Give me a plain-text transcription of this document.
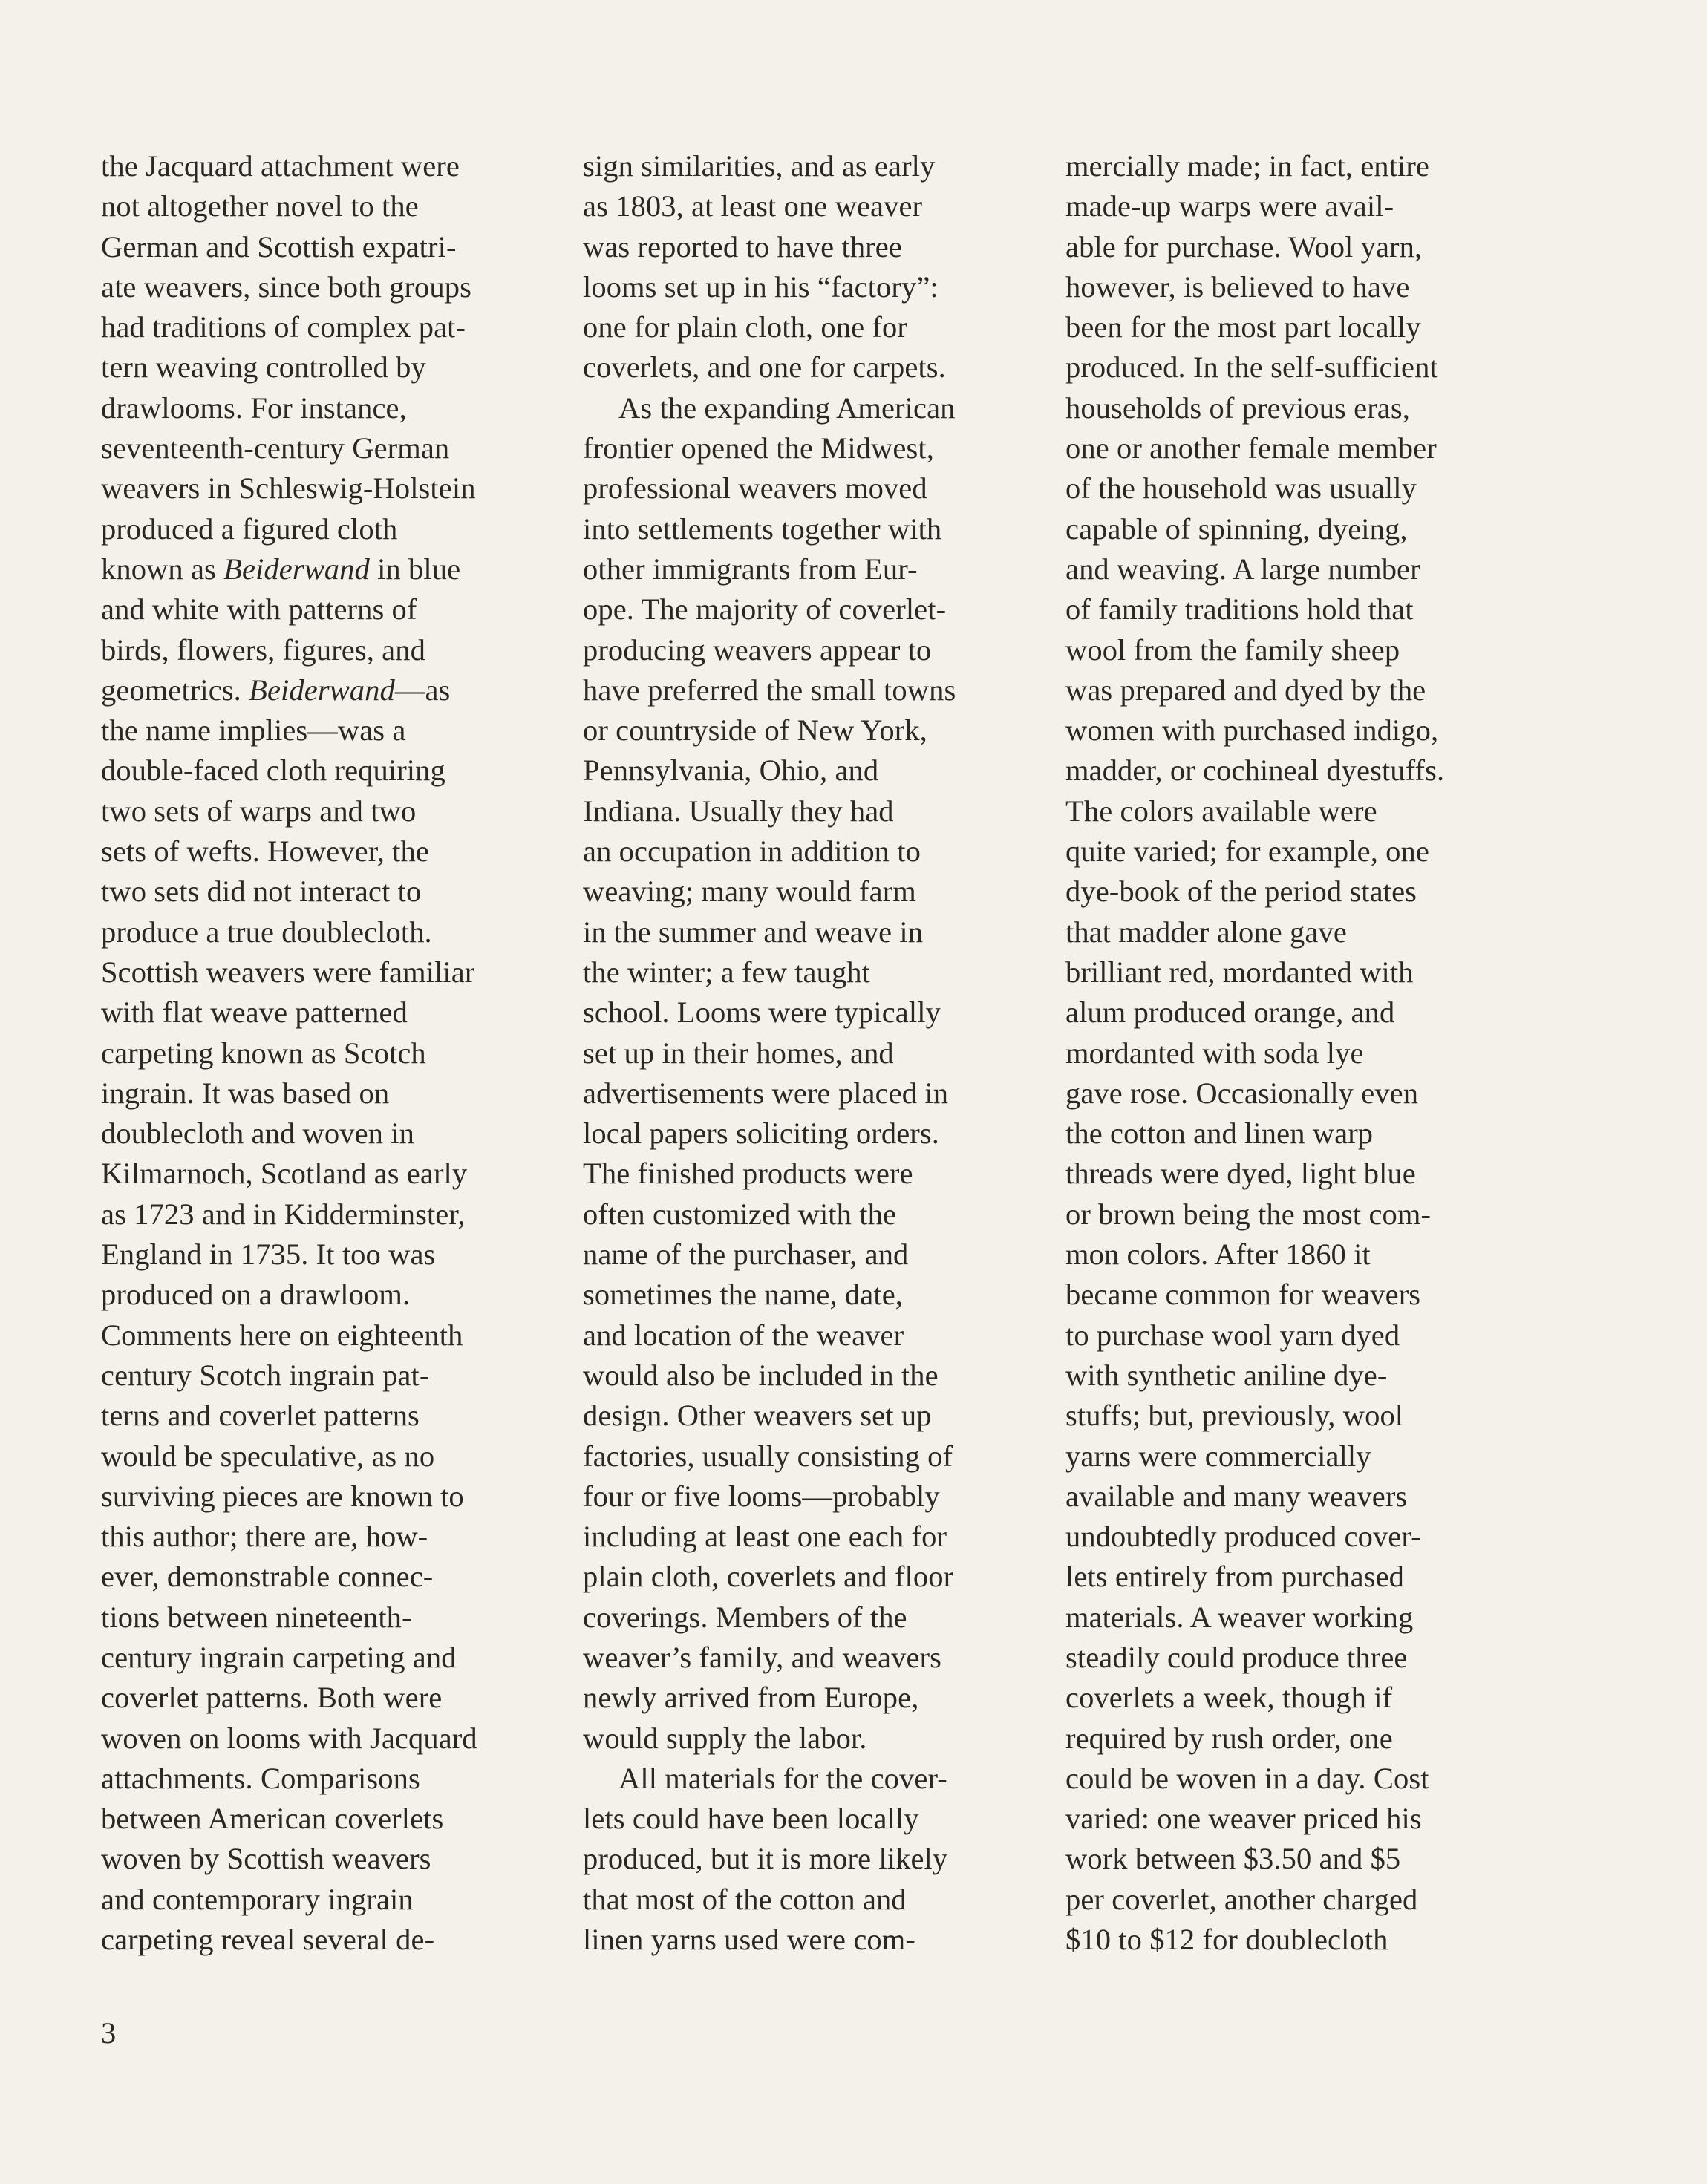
the Jacquard attachment were
not altogether novel to the
German and Scottish expatri-
ate weavers, since both groups
had traditions of complex pat-
tern weaving controlled by
drawlooms. For instance,
seventeenth-century German
weavers in Schleswig-Holstein
produced a figured cloth
known as Beiderwand in blue
and white with patterns of
birds, flowers, figures, and
geometrics. Beiderwand—as
the name implies—was a
double-faced cloth requiring
two sets of warps and two
sets of wefts. However, the
two sets did not interact to
produce a true doublecloth.
Scottish weavers were familiar
with flat weave patterned
carpeting known as Scotch
ingrain. It was based on
doublecloth and woven in
Kilmarnoch, Scotland as early
as 1723 and in Kidderminster,
England in 1735. It too was
produced on a drawloom.
Comments here on eighteenth
century Scotch ingrain pat-
terns and coverlet patterns
would be speculative, as no
surviving pieces are known to
this author; there are, how-
ever, demonstrable connec-
tions between nineteenth-
century ingrain carpeting and
coverlet patterns. Both were
woven on looms with Jacquard
attachments. Comparisons
between American coverlets
woven by Scottish weavers
and contemporary ingrain
carpeting reveal several de-
sign similarities, and as early
as 1803, at least one weaver
was reported to have three
looms set up in his “factory”:
one for plain cloth, one for
coverlets, and one for carpets.
As the expanding American
frontier opened the Midwest,
professional weavers moved
into settlements together with
other immigrants from Eur-
ope. The majority of coverlet-
producing weavers appear to
have preferred the small towns
or countryside of New York,
Pennsylvania, Ohio, and
Indiana. Usually they had
an occupation in addition to
weaving; many would farm
in the summer and weave in
the winter; a few taught
school. Looms were typically
set up in their homes, and
advertisements were placed in
local papers soliciting orders.
The finished products were
often customized with the
name of the purchaser, and
sometimes the name, date,
and location of the weaver
would also be included in the
design. Other weavers set up
factories, usually consisting of
four or five looms—probably
including at least one each for
plain cloth, coverlets and floor
coverings. Members of the
weaver’s family, and weavers
newly arrived from Europe,
would supply the labor.
All materials for the cover-
lets could have been locally
produced, but it is more likely
that most of the cotton and
linen yarns used were com-
mercially made; in fact, entire
made-up warps were avail-
able for purchase. Wool yarn,
however, is believed to have
been for the most part locally
produced. In the self-sufficient
households of previous eras,
one or another female member
of the household was usually
capable of spinning, dyeing,
and weaving. A large number
of family traditions hold that
wool from the family sheep
was prepared and dyed by the
women with purchased indigo,
madder, or cochineal dyestuffs.
The colors available were
quite varied; for example, one
dye-book of the period states
that madder alone gave
brilliant red, mordanted with
alum produced orange, and
mordanted with soda lye
gave rose. Occasionally even
the cotton and linen warp
threads were dyed, light blue
or brown being the most com-
mon colors. After 1860 it
became common for weavers
to purchase wool yarn dyed
with synthetic aniline dye-
stuffs; but, previously, wool
yarns were commercially
available and many weavers
undoubtedly produced cover-
lets entirely from purchased
materials. A weaver working
steadily could produce three
coverlets a week, though if
required by rush order, one
could be woven in a day. Cost
varied: one weaver priced his
work between $3.50 and $5
per coverlet, another charged
$10 to $12 for doublecloth
3
